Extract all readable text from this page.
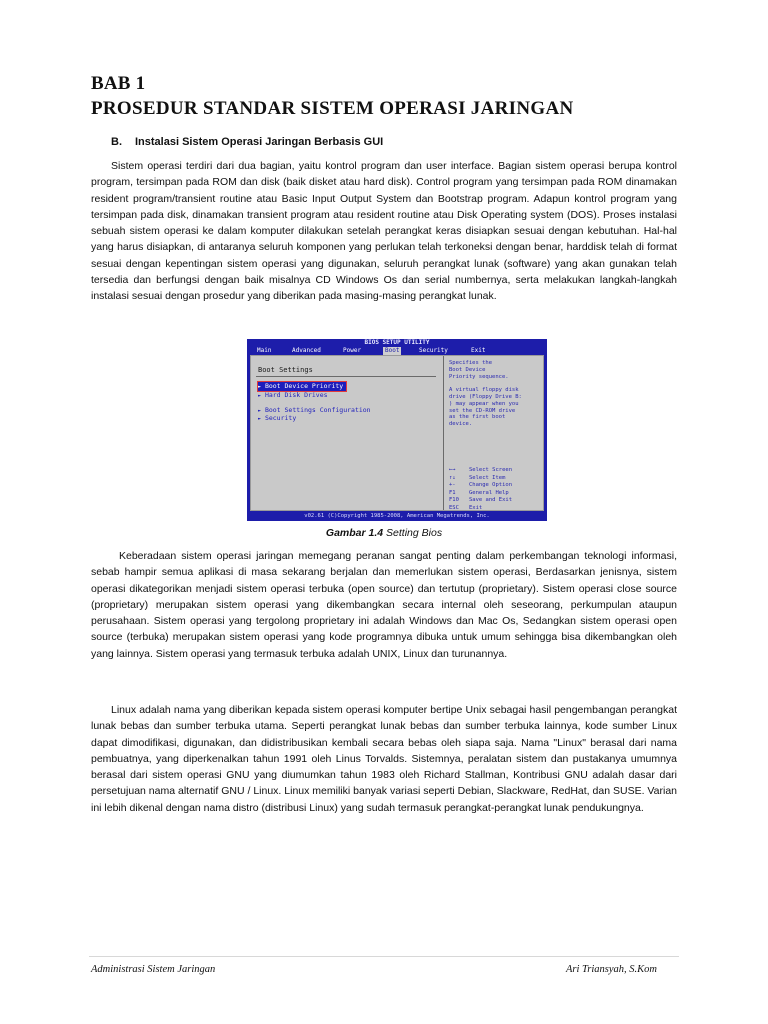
BAB 1
PROSEDUR STANDAR SISTEM OPERASI JARINGAN
B. Instalasi Sistem Operasi Jaringan Berbasis GUI

Sistem operasi terdiri dari dua bagian, yaitu kontrol program dan user interface. Bagian sistem operasi berupa kontrol program, tersimpan pada ROM dan disk (baik disket atau hard disk). Control program yang tersimpan pada ROM dinamakan resident program/transient routine atau Basic Input Output System dan Bootstrap program. Adapun kontrol program yang tersimpan pada disk, dinamakan transient program atau resident routine atau Disk Operating system (DOS). Proses instalasi sebuah sistem operasi ke dalam komputer dilakukan setelah perangkat keras disiapkan sesuai dengan kebutuhan. Hal-hal yang harus disiapkan, di antaranya seluruh komponen yang perlukan telah terkoneksi dengan benar, harddisk telah di format sesuai dengan kepentingan sistem operasi yang digunakan, seluruh perangkat lunak (software) yang akan gunakan telah tersedia dan berfungsi dengan baik misalnya CD Windows Os dan serial numbernya, serta melakukan langkah-langkah instalasi sesuai dengan prosedur yang diberikan pada masing-masing perangkat lunak.

BIOS SETUP UTILITY
Main	Advanced	Power	Boot	Security	Exit
Boot Settings
► Boot Device Priority
► Hard Disk Drives
► Boot Settings Configuration
► Security
Specifies the
Boot Device
Priority sequence.

A virtual floppy disk
drive (Floppy Drive B:
) may appear when you
set the CD-ROM drive
as the first boot
device.
←→ Select Screen
↑↓ Select Item
+- Change Option
F1 General Help
F10 Save and Exit
ESC Exit
v02.61 (C)Copyright 1985-2008, American Megatrends, Inc.
Gambar 1.4 Setting Bios

Keberadaan sistem operasi jaringan memegang peranan sangat penting dalam perkembangan teknologi informasi, sebab hampir semua aplikasi di masa sekarang berjalan dan memerlukan sistem operasi, Berdasarkan jenisnya, sistem operasi dikategorikan menjadi sistem operasi terbuka (open source) dan tertutup (proprietary). Sistem operasi close source (proprietary) merupakan sistem operasi yang dikembangkan secara internal oleh seseorang, perkumpulan ataupun perusahaan. Sistem operasi yang tergolong proprietary ini adalah Windows dan Mac Os, Sedangkan sistem operasi open source (terbuka) merupakan sistem operasi yang kode programnya dibuka untuk umum sehingga bisa dikembangkan oleh yang lainnya. Sistem operasi yang termasuk terbuka adalah UNIX, Linux dan turunannya.

Linux adalah nama yang diberikan kepada sistem operasi komputer bertipe Unix sebagai hasil pengembangan perangkat lunak bebas dan sumber terbuka utama. Seperti perangkat lunak bebas dan sumber terbuka lainnya, kode sumber Linux dapat dimodifikasi, digunakan, dan didistribusikan kembali secara bebas oleh siapa saja. Nama "Linux" berasal dari nama pembuatnya, yang diperkenalkan tahun 1991 oleh Linus Torvalds. Sistemnya, peralatan sistem dan pustakanya umumnya berasal dari sistem operasi GNU yang diumumkan tahun 1983 oleh Richard Stallman, Kontribusi GNU adalah dasar dari persetujuan nama alternatif GNU / Linux. Linux memiliki banyak variasi seperti Debian, Slackware, RedHat, dan SUSE. Varian ini lebih dikenal dengan nama distro (distribusi Linux) yang sudah termasuk perangkat-perangkat lunak pendukungnya.

Administrasi Sistem Jaringan	Ari Triansyah, S.Kom
